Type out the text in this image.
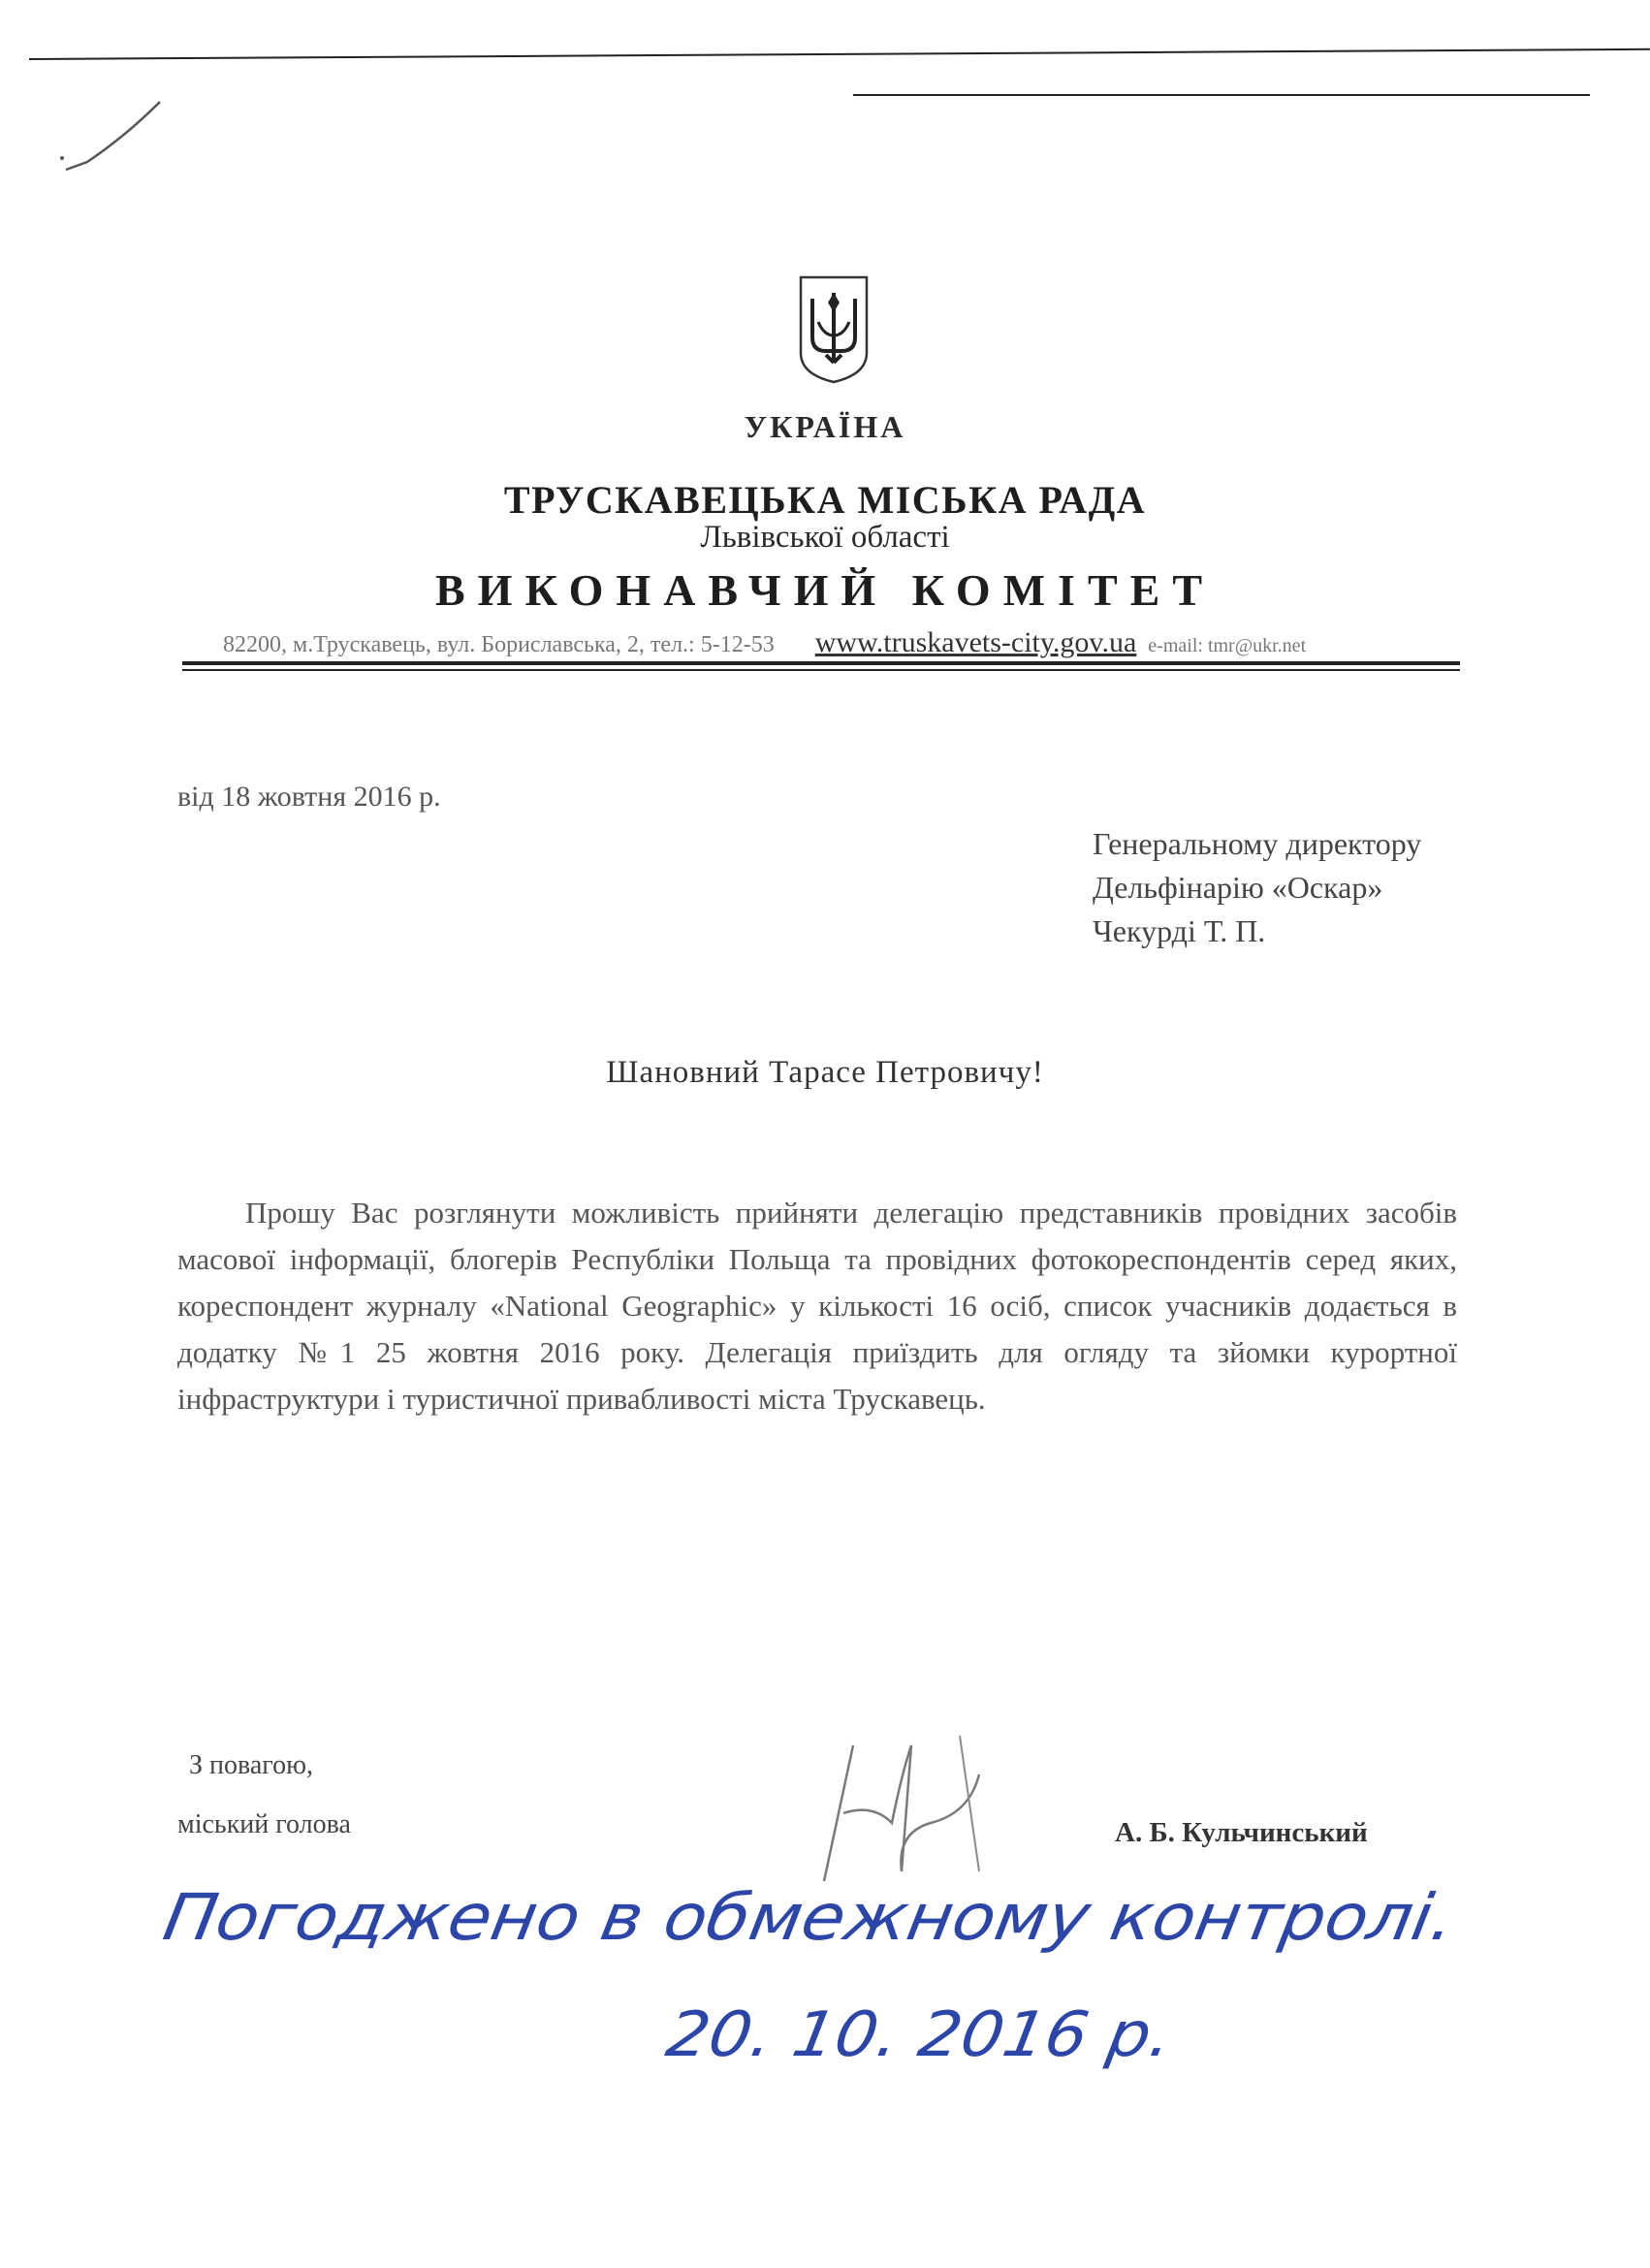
УКРАЇНА
ТРУСКАВЕЦЬКА МІСЬКА РАДА
Львівської області
ВИКОНАВЧИЙ КОМІТЕТ
82200, м.Трускавець, вул. Бориславська, 2, тел.: 5-12-53 www.truskavets-city.gov.ua e-mail: tmr@ukr.net
від 18 жовтня 2016 р.
Генеральному директору
Дельфінарію «Оскар»
Чекурді Т. П.
Шановний Тарасе Петровичу!

Прошу Вас розглянути можливість прийняти делегацію представників провідних засобів масової інформації, блогерів Республіки Польща та провідних фотокореспондентів серед яких, кореспондент журналу «National Geographic» у кількості 16 осіб, список учасників додається в додатку №1 25 жовтня 2016 року. Делегація приїздить для огляду та зйомки курортної інфраструктури і туристичної привабливості міста Трускавець.

З повагою,
міський голова	А. Б. Кульчинський
Погоджено в обмежному контролі.
20. 10. 2016 р.
